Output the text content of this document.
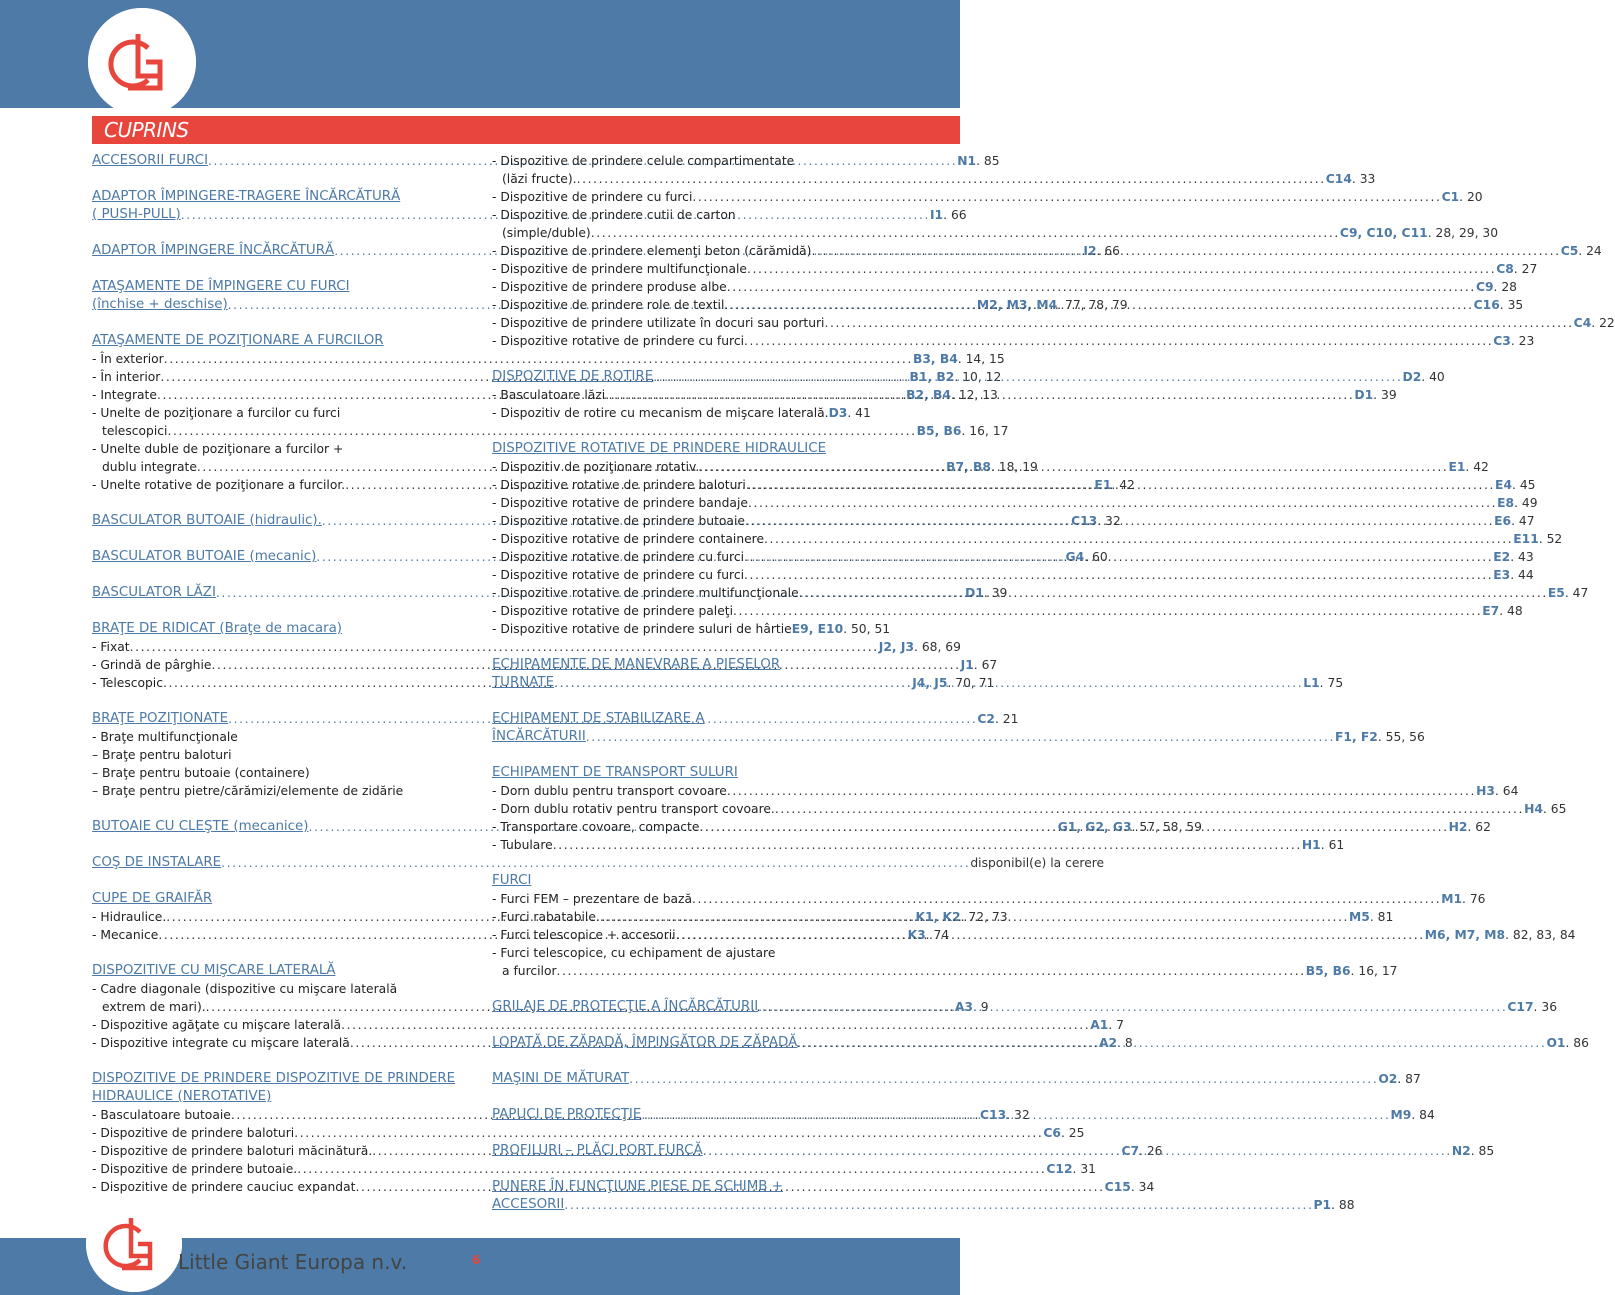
CUPRINS
ACCESORII FURCI .....	N1 . 85
ADAPTOR ÎMPINGERE-TRAGERE ÎNCĂRCĂTURĂ
( PUSH-PULL) .....	I1 . 66
ADAPTOR ÎMPINGERE ÎNCĂRCĂTURĂ .....	I2 . 66
ATAŞAMENTE DE ÎMPINGERE CU FURCI
(închise + deschise) .....	M2, M3, M4 . 77, 78, 79
ATAŞAMENTE DE POZIŢIONARE A FURCILOR
- În exterior .....	B3, B4 . 14, 15
- În interior .....	B1, B2 . 10, 12
- Integrate .....	B2, B4 . 12, 13
- Unelte de poziţionare a furcilor cu furci
telescopici .....	B5, B6 . 16, 17
- Unelte duble de poziţionare a furcilor +
dublu integrate .....	B7, B8 . 18, 19
- Unelte rotative de poziţionare a furcilor. .....	E1 . 42
BASCULATOR BUTOAIE (hidraulic). .....	C13 . 32
BASCULATOR BUTOAIE (mecanic) .....	G4 . 60
BASCULATOR LĂZI .....	D1 . 39
BRAŢE DE RIDICAT (Braţe de macara)
- Fixat .....	J2, J3 . 68, 69
- Grindă de pârghie .....	J1 . 67
- Telescopic .....	J4, J5 . 70, 71
BRAŢE POZIŢIONATE .....	C2 . 21
- Braţe multifuncţionale
– Braţe pentru baloturi
– Braţe pentru butoaie (containere)
– Braţe pentru pietre/cărămizi/elemente de zidărie
BUTOAIE CU CLEŞTE (mecanice) .....	G1, G2, G3 . 57, 58, 59
COŞ DE INSTALARE .....	disponibil(e) la cerere
CUPE DE GRAIFĂR
- Hidraulice. .....	K1, K2 . 72, 73
- Mecanice .....	K3 . 74
DISPOZITIVE CU MIŞCARE LATERALĂ
- Cadre diagonale (dispozitive cu mişcare laterală
extrem de mari). .....	A3 . 9
- Dispozitive agăţate cu mişcare laterală .....	A1 . 7
- Dispozitive integrate cu mişcare laterală .....	A2 . 8
DISPOZITIVE DE PRINDERE DISPOZITIVE DE PRINDERE
HIDRAULICE (NEROTATIVE)
- Basculatoare butoaie .....	C13 . 32
- Dispozitive de prindere baloturi .....	C6 . 25
- Dispozitive de prindere baloturi măcinătură. .....	C7 . 26
- Dispozitive de prindere butoaie. .....	C12 . 31
- Dispozitive de prindere cauciuc expandat .....	C15 . 34
- Dispozitive de prindere celule compartimentate
(lăzi fructe). .....	C14 . 33
- Dispozitive de prindere cu furci .....	C1 . 20
- Dispozitive de prindere cutii de carton
(simple/duble) .....	C9, C10, C11 . 28, 29, 30
- Dispozitive de prindere elemenţi beton (cărămidă) .....	C5 . 24
- Dispozitive de prindere multifuncţionale .....	C8 . 27
- Dispozitive de prindere produse albe .....	C9 . 28
- Dispozitive de prindere role de textil .....	C16 . 35
- Dispozitive de prindere utilizate în docuri sau porturi .....	C4 . 22
- Dispozitive rotative de prindere cu furci .....	C3 . 23
DISPOZITIVE DE ROTIRE .....	D2 . 40
- Basculatoare lăzi .....	D1 . 39
- Dispozitiv de rotire cu mecanism de mişcare laterală. D3 . 41
DISPOZITIVE ROTATIVE DE PRINDERE HIDRAULICE
- Dispozitiv de poziţionare rotativ. .....	E1 . 42
- Dispozitive rotative de prindere baloturi .....	E4 . 45
- Dispozitive rotative de prindere bandaje .....	E8 . 49
- Dispozitive rotative de prindere butoaie .....	E6 . 47
- Dispozitive rotative de prindere containere .....	E11 . 52
- Dispozitive rotative de prindere cu furci .....	E2 . 43
- Dispozitive rotative de prindere cu furci .....	E3 . 44
- Dispozitive rotative de prindere multifuncţionale .....	E5 . 47
- Dispozitive rotative de prindere paleţi .....	E7 . 48
- Dispozitive rotative de prindere suluri de hârtie E9, E10 . 50, 51
ECHIPAMENTE DE MANEVRARE A PIESELOR
TURNATE .....	L1 . 75
ECHIPAMENT DE STABILIZARE A
ÎNCĂRCĂTURII .....	F1, F2 . 55, 56
ECHIPAMENT DE TRANSPORT SULURI
- Dorn dublu pentru transport covoare .....	H3 . 64
- Dorn dublu rotativ pentru transport covoare. .....	H4 . 65
- Transportare covoare, compacte .....	H2 . 62
- Tubulare .....	H1 . 61
FURCI
- Furci FEM – prezentare de bază .....	M1 . 76
- Furci rabatabile. .....	M5 . 81
- Furci telescopice + accesorii .....	M6, M7, M8 . 82, 83, 84
- Furci telescopice, cu echipament de ajustare
a furcilor .....	B5, B6 . 16, 17
GRILAJE DE PROTECŢIE A ÎNCĂRCĂTURII .....	C17 . 36
LOPATĂ DE ZĂPADĂ, ÎMPINGĂTOR DE ZĂPADĂ .....	O1 . 86
MAŞINI DE MĂTURAT .....	O2 . 87
PAPUCI DE PROTECŢIE .....	M9 . 84
PROFILURI – PLĂCI PORT FURCĂ .....	N2 . 85
PUNERE ÎN FUNCŢIUNE PIESE DE SCHIMB +
ACCESORII .....	P1 . 88
Little Giant Europa n.v.	6
